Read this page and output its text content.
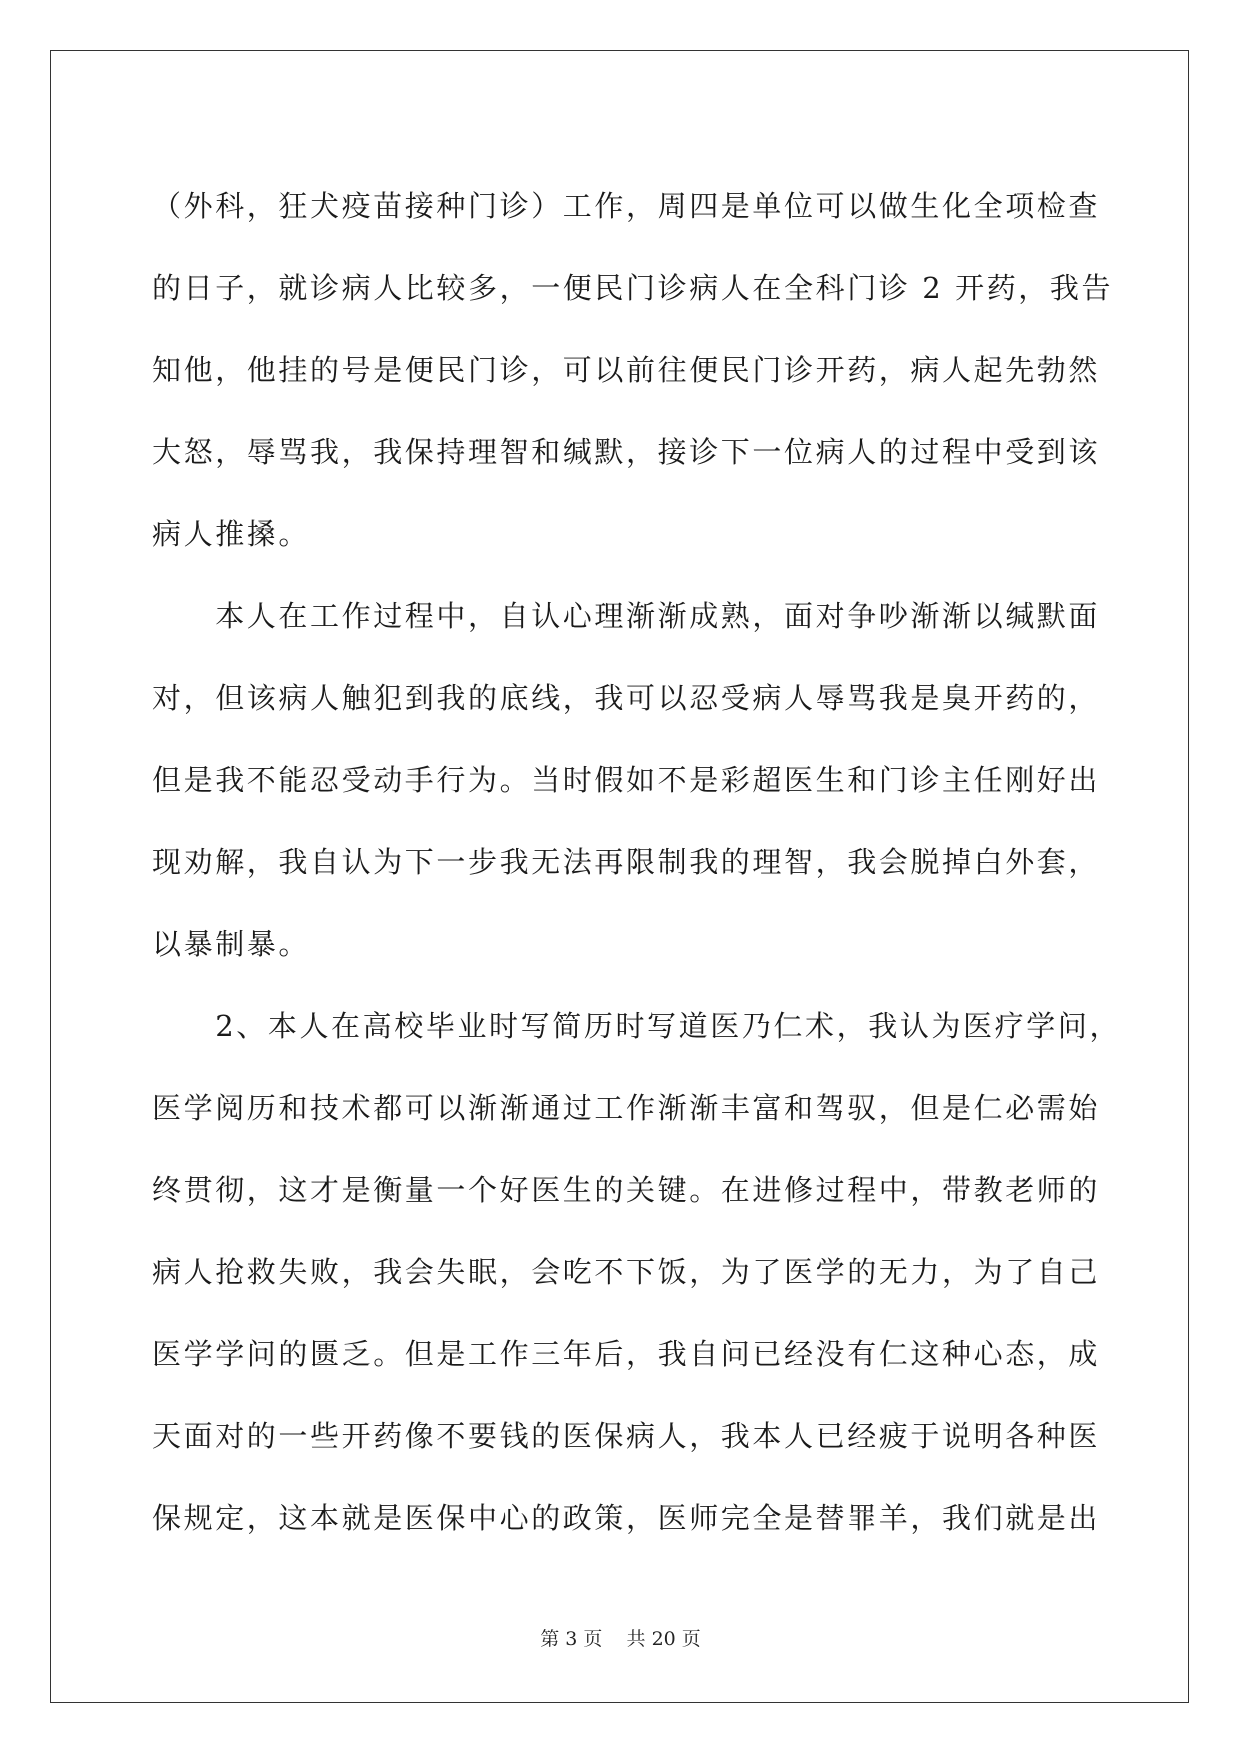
（外科，狂犬疫苗接种门诊）工作，周四是单位可以做生化全项检查
的日子，就诊病人比较多，一便民门诊病人在全科门诊 2 开药，我告
知他，他挂的号是便民门诊，可以前往便民门诊开药，病人起先勃然
大怒，辱骂我，我保持理智和缄默，接诊下一位病人的过程中受到该
病人推搡。
　　本人在工作过程中，自认心理渐渐成熟，面对争吵渐渐以缄默面
对，但该病人触犯到我的底线，我可以忍受病人辱骂我是臭开药的，
但是我不能忍受动手行为。当时假如不是彩超医生和门诊主任刚好出
现劝解，我自认为下一步我无法再限制我的理智，我会脱掉白外套，
以暴制暴。
　　2、本人在高校毕业时写简历时写道医乃仁术，我认为医疗学问，
医学阅历和技术都可以渐渐通过工作渐渐丰富和驾驭，但是仁必需始
终贯彻，这才是衡量一个好医生的关键。在进修过程中，带教老师的
病人抢救失败，我会失眠，会吃不下饭，为了医学的无力，为了自己
医学学问的匮乏。但是工作三年后，我自问已经没有仁这种心态，成
天面对的一些开药像不要钱的医保病人，我本人已经疲于说明各种医
保规定，这本就是医保中心的政策，医师完全是替罪羊，我们就是出
第 3 页 共 20 页
